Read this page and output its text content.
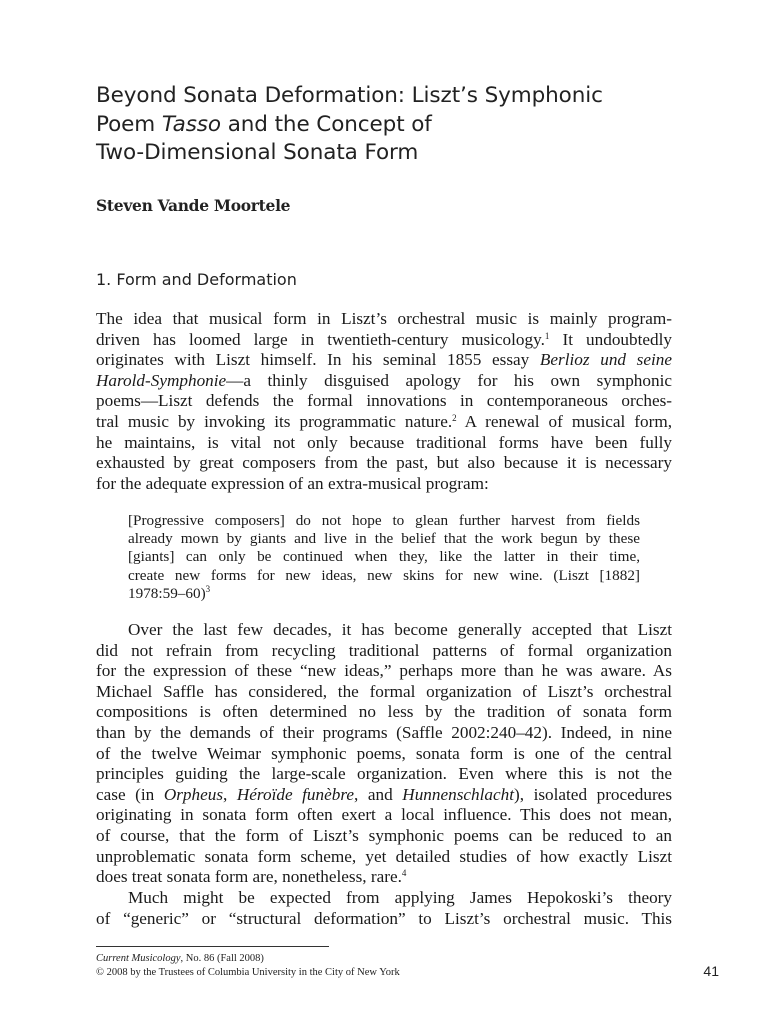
Beyond Sonata Deformation: Liszt’s Symphonic
Poem Tasso and the Concept of
Two-Dimensional Sonata Form
Steven Vande Moortele
1. Form and Deformation
The idea that musical form in Liszt’s orchestral music is mainly program-
driven has loomed large in twentieth-century musicology.$^1$ It undoubtedly
originates with Liszt himself. In his seminal 1855 essay Berlioz und seine
Harold-Symphonie—a thinly disguised apology for his own symphonic
poems—Liszt defends the formal innovations in contemporaneous orches-
tral music by invoking its programmatic nature.$^2$ A renewal of musical form,
he maintains, is vital not only because traditional forms have been fully
exhausted by great composers from the past, but also because it is necessary
for the adequate expression of an extra-musical program:
[Progressive composers] do not hope to glean further harvest from fields
already mown by giants and live in the belief that the work begun by these
[giants] can only be continued when they, like the latter in their time,
create new forms for new ideas, new skins for new wine. (Liszt [1882]
1978:59–60)$^3$
Over the last few decades, it has become generally accepted that Liszt
did not refrain from recycling traditional patterns of formal organization
for the expression of these “new ideas,” perhaps more than he was aware. As
Michael Saffle has considered, the formal organization of Liszt’s orchestral
compositions is often determined no less by the tradition of sonata form
than by the demands of their programs (Saffle 2002:240–42). Indeed, in nine
of the twelve Weimar symphonic poems, sonata form is one of the central
principles guiding the large-scale organization. Even where this is not the
case (in Orpheus, Héroïde funèbre, and Hunnenschlacht), isolated procedures
originating in sonata form often exert a local influence. This does not mean,
of course, that the form of Liszt’s symphonic poems can be reduced to an
unproblematic sonata form scheme, yet detailed studies of how exactly Liszt
does treat sonata form are, nonetheless, rare.$^4$
Much might be expected from applying James Hepokoski’s theory
of “generic” or “structural deformation” to Liszt’s orchestral music. This
Current Musicology, No. 86 (Fall 2008)
© 2008 by the Trustees of Columbia University in the City of New York	41
